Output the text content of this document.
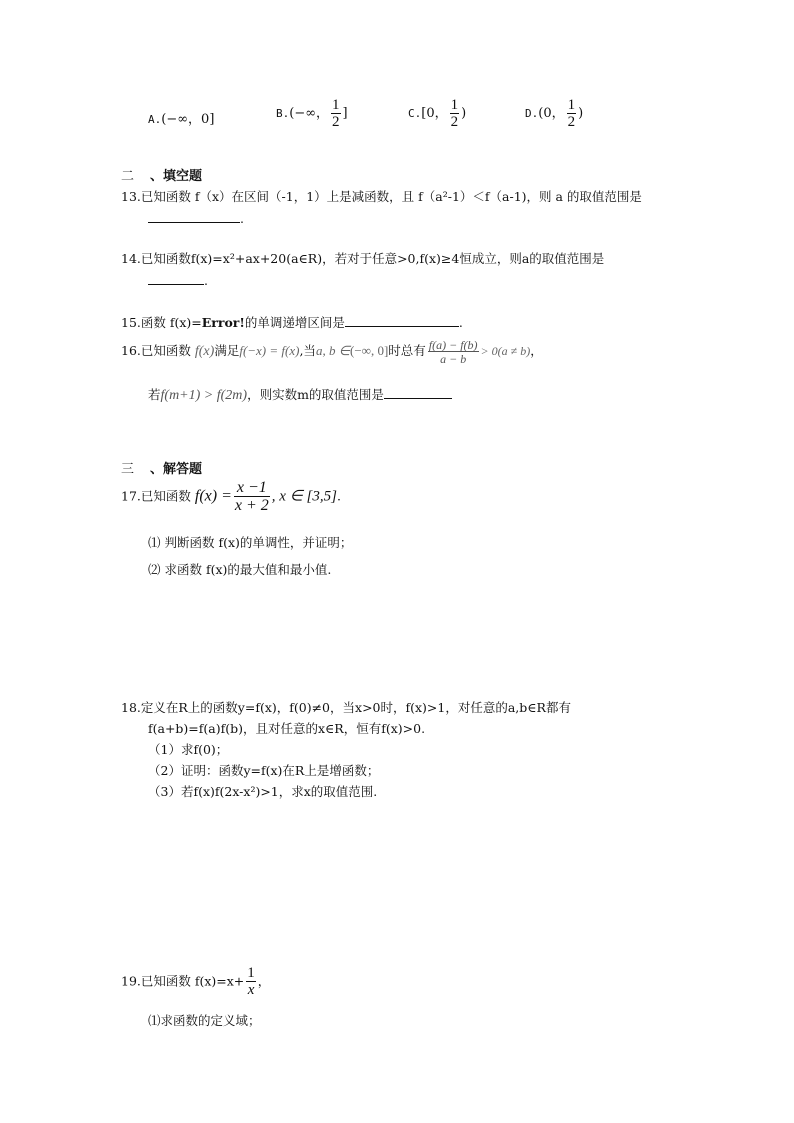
A.(−∞，0]	B.(−∞， $\frac{1}{2}$ ]	C.[0， $\frac{1}{2}$ )	D.(0， $\frac{1}{2}$ )
二 、填空题
13.已知函数 f（x）在区间（-1，1）上是减函数，且 f（a²-1）＜f（a-1)，则 a 的取值范围是
.
14.已知函数f(x)=x²+ax+20(a∈R)，若对于任意>0,f(x)≥4恒成立，则a的取值范围是
.
15.函数 f(x)=Error!的单调递增区间是	.
16.已知函数 f(x)满足f(−x) = f(x),当a, b ∈(−∞, 0]时总有 $\frac{f(a) - f(b)}{a - b} > 0(a \ne b)$，
若f(m+1) > f(2m)，则实数m的取值范围是
三 、解答题
17.已知函数 $f(x) = \frac{x -1}{x + 2}$ , x ∈ [3,5].
⑴ 判断函数 f(x)的单调性，并证明；
⑵ 求函数 f(x)的最大值和最小值.
18.定义在R上的函数y=f(x)，f(0)≠0，当x>0时，f(x)>1，对任意的a,b∈R都有
f(a+b)=f(a)f(b)，且对任意的x∈R，恒有f(x)>0.
（1）求f(0)；
（2）证明：函数y=f(x)在R上是增函数；
（3）若f(x)f(2x-x²)>1，求x的取值范围.
19.已知函数 $f(x)=x+ \frac{1}{x}$ ，
⑴求函数的定义域；
